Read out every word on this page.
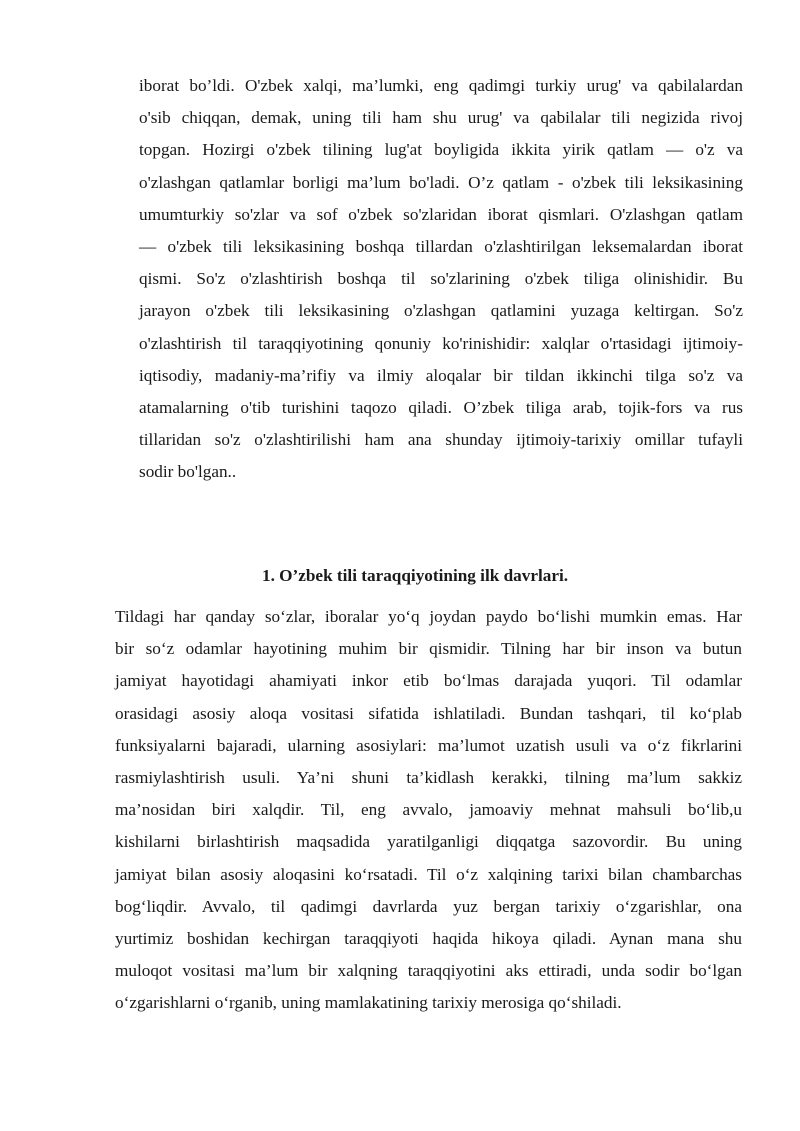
iborat bo’ldi. O'zbek xalqi, ma’lumki, eng qadimgi turkiy urug' va qabilalardan
o'sib chiqqan, demak, uning tili ham shu urug' va qabilalar tili negizida rivoj
topgan. Hozirgi o'zbek tilining lug'at boyligida ikkita yirik qatlam — o'z va
o'zlashgan qatlamlar borligi ma’lum bo'ladi. O’z qatlam - o'zbek tili leksikasining
umumturkiy so'zlar va sof o'zbek so'zlaridan iborat qismlari. O'zlashgan qatlam
— o'zbek tili leksikasining boshqa tillardan o'zlashtirilgan leksemalardan iborat
qismi. So'z o'zlashtirish boshqa til so'zlarining o'zbek tiliga olinishidir. Bu
jarayon o'zbek tili leksikasining o'zlashgan qatlamini yuzaga keltirgan. So'z
o'zlashtirish til taraqqiyotining qonuniy ko'rinishidir: xalqlar o'rtasidagi ijtimoiy-
iqtisodiy, madaniy-ma’rifiy va ilmiy aloqalar bir tildan ikkinchi tilga so'z va
atamalarning o'tib turishini taqozo qiladi. O’zbek tiliga arab, tojik-fors va rus
tillaridan so'z o'zlashtirilishi ham ana shunday ijtimoiy-tarixiy omillar tufayli
sodir bo'lgan..
1. O’zbek tili taraqqiyotining ilk davrlari.
Tildagi har qanday so‘zlar, iboralar yo‘q joydan paydo bo‘lishi mumkin emas. Har
bir so‘z odamlar hayotining muhim bir qismidir. Tilning har bir inson va butun
jamiyat hayotidagi ahamiyati inkor etib bo‘lmas darajada yuqori. Til odamlar
orasidagi asosiy aloqa vositasi sifatida ishlatiladi. Bundan tashqari, til ko‘plab
funksiyalarni bajaradi, ularning asosiylari: ma’lumot uzatish usuli va o‘z fikrlarini
rasmiylashtirish usuli. Ya’ni shuni ta’kidlash kerakki, tilning ma’lum sakkiz
ma’nosidan biri xalqdir. Til, eng avvalo, jamoaviy mehnat mahsuli bo‘lib,u
kishilarni birlashtirish maqsadida yaratilganligi diqqatga sazovordir. Bu uning
jamiyat bilan asosiy aloqasini ko‘rsatadi. Til o‘z xalqining tarixi bilan chambarchas
bog‘liqdir. Avvalo, til qadimgi davrlarda yuz bergan tarixiy o‘zgarishlar, ona
yurtimiz boshidan kechirgan taraqqiyoti haqida hikoya qiladi. Aynan mana shu
muloqot vositasi ma’lum bir xalqning taraqqiyotini aks ettiradi, unda sodir bo‘lgan
o‘zgarishlarni o‘rganib, uning mamlakatining tarixiy merosiga qo‘shiladi.
